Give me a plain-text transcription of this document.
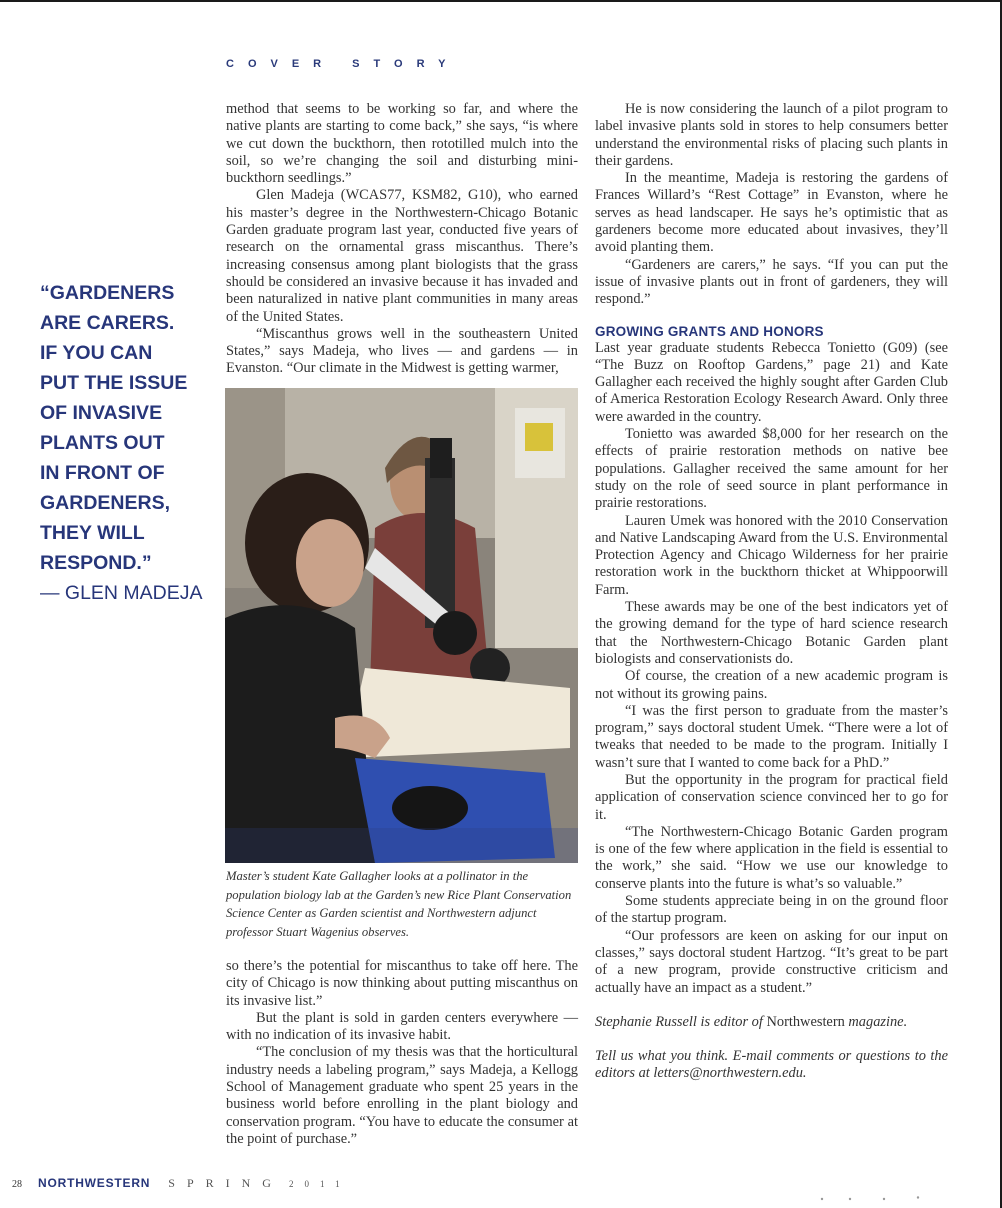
COVER STORY
“GARDENERS
ARE CARERS.
IF YOU CAN
PUT THE ISSUE
OF INVASIVE
PLANTS OUT
IN FRONT OF
GARDENERS,
THEY WILL
RESPOND.”
— GLEN MADEJA

method that seems to be working so far, and where the native plants are starting to come back,” she says, “is where we cut down the buckthorn, then rototilled mulch into the soil, so we’re changing the soil and disturbing mini-buckthorn seedlings.”

Glen Madeja (WCAS77, KSM82, G10), who earned his master’s degree in the Northwestern-Chicago Botanic Garden graduate program last year, conducted five years of research on the ornamental grass miscanthus. There’s increasing consensus among plant biologists that the grass should be considered an invasive because it has invaded and been naturalized in native plant communities in many areas of the United States.

“Miscanthus grows well in the southeastern United States,” says Madeja, who lives — and gardens — in Evanston. “Our climate in the Midwest is getting warmer,

Master’s student Kate Gallagher looks at a pollinator in the population biology lab at the Garden’s new Rice Plant Conservation Science Center as Garden scientist and Northwestern adjunct professor Stuart Wagenius observes.

so there’s the potential for miscanthus to take off here. The city of Chicago is now thinking about putting miscanthus on its invasive list.”

But the plant is sold in garden centers everywhere — with no indication of its invasive habit.

“The conclusion of my thesis was that the horticultural industry needs a labeling program,” says Madeja, a Kellogg School of Management graduate who spent 25 years in the business world before enrolling in the plant biology and conservation program. “You have to educate the consumer at the point of purchase.”

He is now considering the launch of a pilot program to label invasive plants sold in stores to help consumers better understand the environmental risks of placing such plants in their gardens.

In the meantime, Madeja is restoring the gardens of Frances Willard’s “Rest Cottage” in Evanston, where he serves as head landscaper. He says he’s optimistic that as gardeners become more educated about invasives, they’ll avoid planting them.

“Gardeners are carers,” he says. “If you can put the issue of invasive plants out in front of gardeners, they will respond.”

GROWING GRANTS AND HONORS

Last year graduate students Rebecca Tonietto (G09) (see “The Buzz on Rooftop Gardens,” page 21) and Kate Gallagher each received the highly sought after Garden Club of America Restoration Ecology Research Award. Only three were awarded in the country.

Tonietto was awarded $8,000 for her research on the effects of prairie restoration methods on native bee populations. Gallagher received the same amount for her study on the role of seed source in plant performance in prairie restorations.

Lauren Umek was honored with the 2010 Conservation and Native Landscaping Award from the U.S. Environmental Protection Agency and Chicago Wilderness for her prairie restoration work in the buckthorn thicket at Whippoorwill Farm.

These awards may be one of the best indicators yet of the growing demand for the type of hard science research that the Northwestern-Chicago Botanic Garden plant biologists and conservationists do.

Of course, the creation of a new academic program is not without its growing pains.

“I was the first person to graduate from the master’s program,” says doctoral student Umek. “There were a lot of tweaks that needed to be made to the program. Initially I wasn’t sure that I wanted to come back for a PhD.”

But the opportunity in the program for practical field application of conservation science convinced her to go for it.

“The Northwestern-Chicago Botanic Garden program is one of the few where application in the field is essential to the work,” she said. “How we use our knowledge to conserve plants into the future is what’s so valuable.”

Some students appreciate being in on the ground floor of the startup program.

“Our professors are keen on asking for our input on classes,” says doctoral student Hartzog. “It’s great to be part of a new program, provide constructive criticism and actually have an impact as a student.”

Stephanie Russell is editor of Northwestern magazine.

Tell us what you think. E-mail comments or questions to the editors at letters@northwestern.edu.

28 NORTHWESTERN SPRING 2011
